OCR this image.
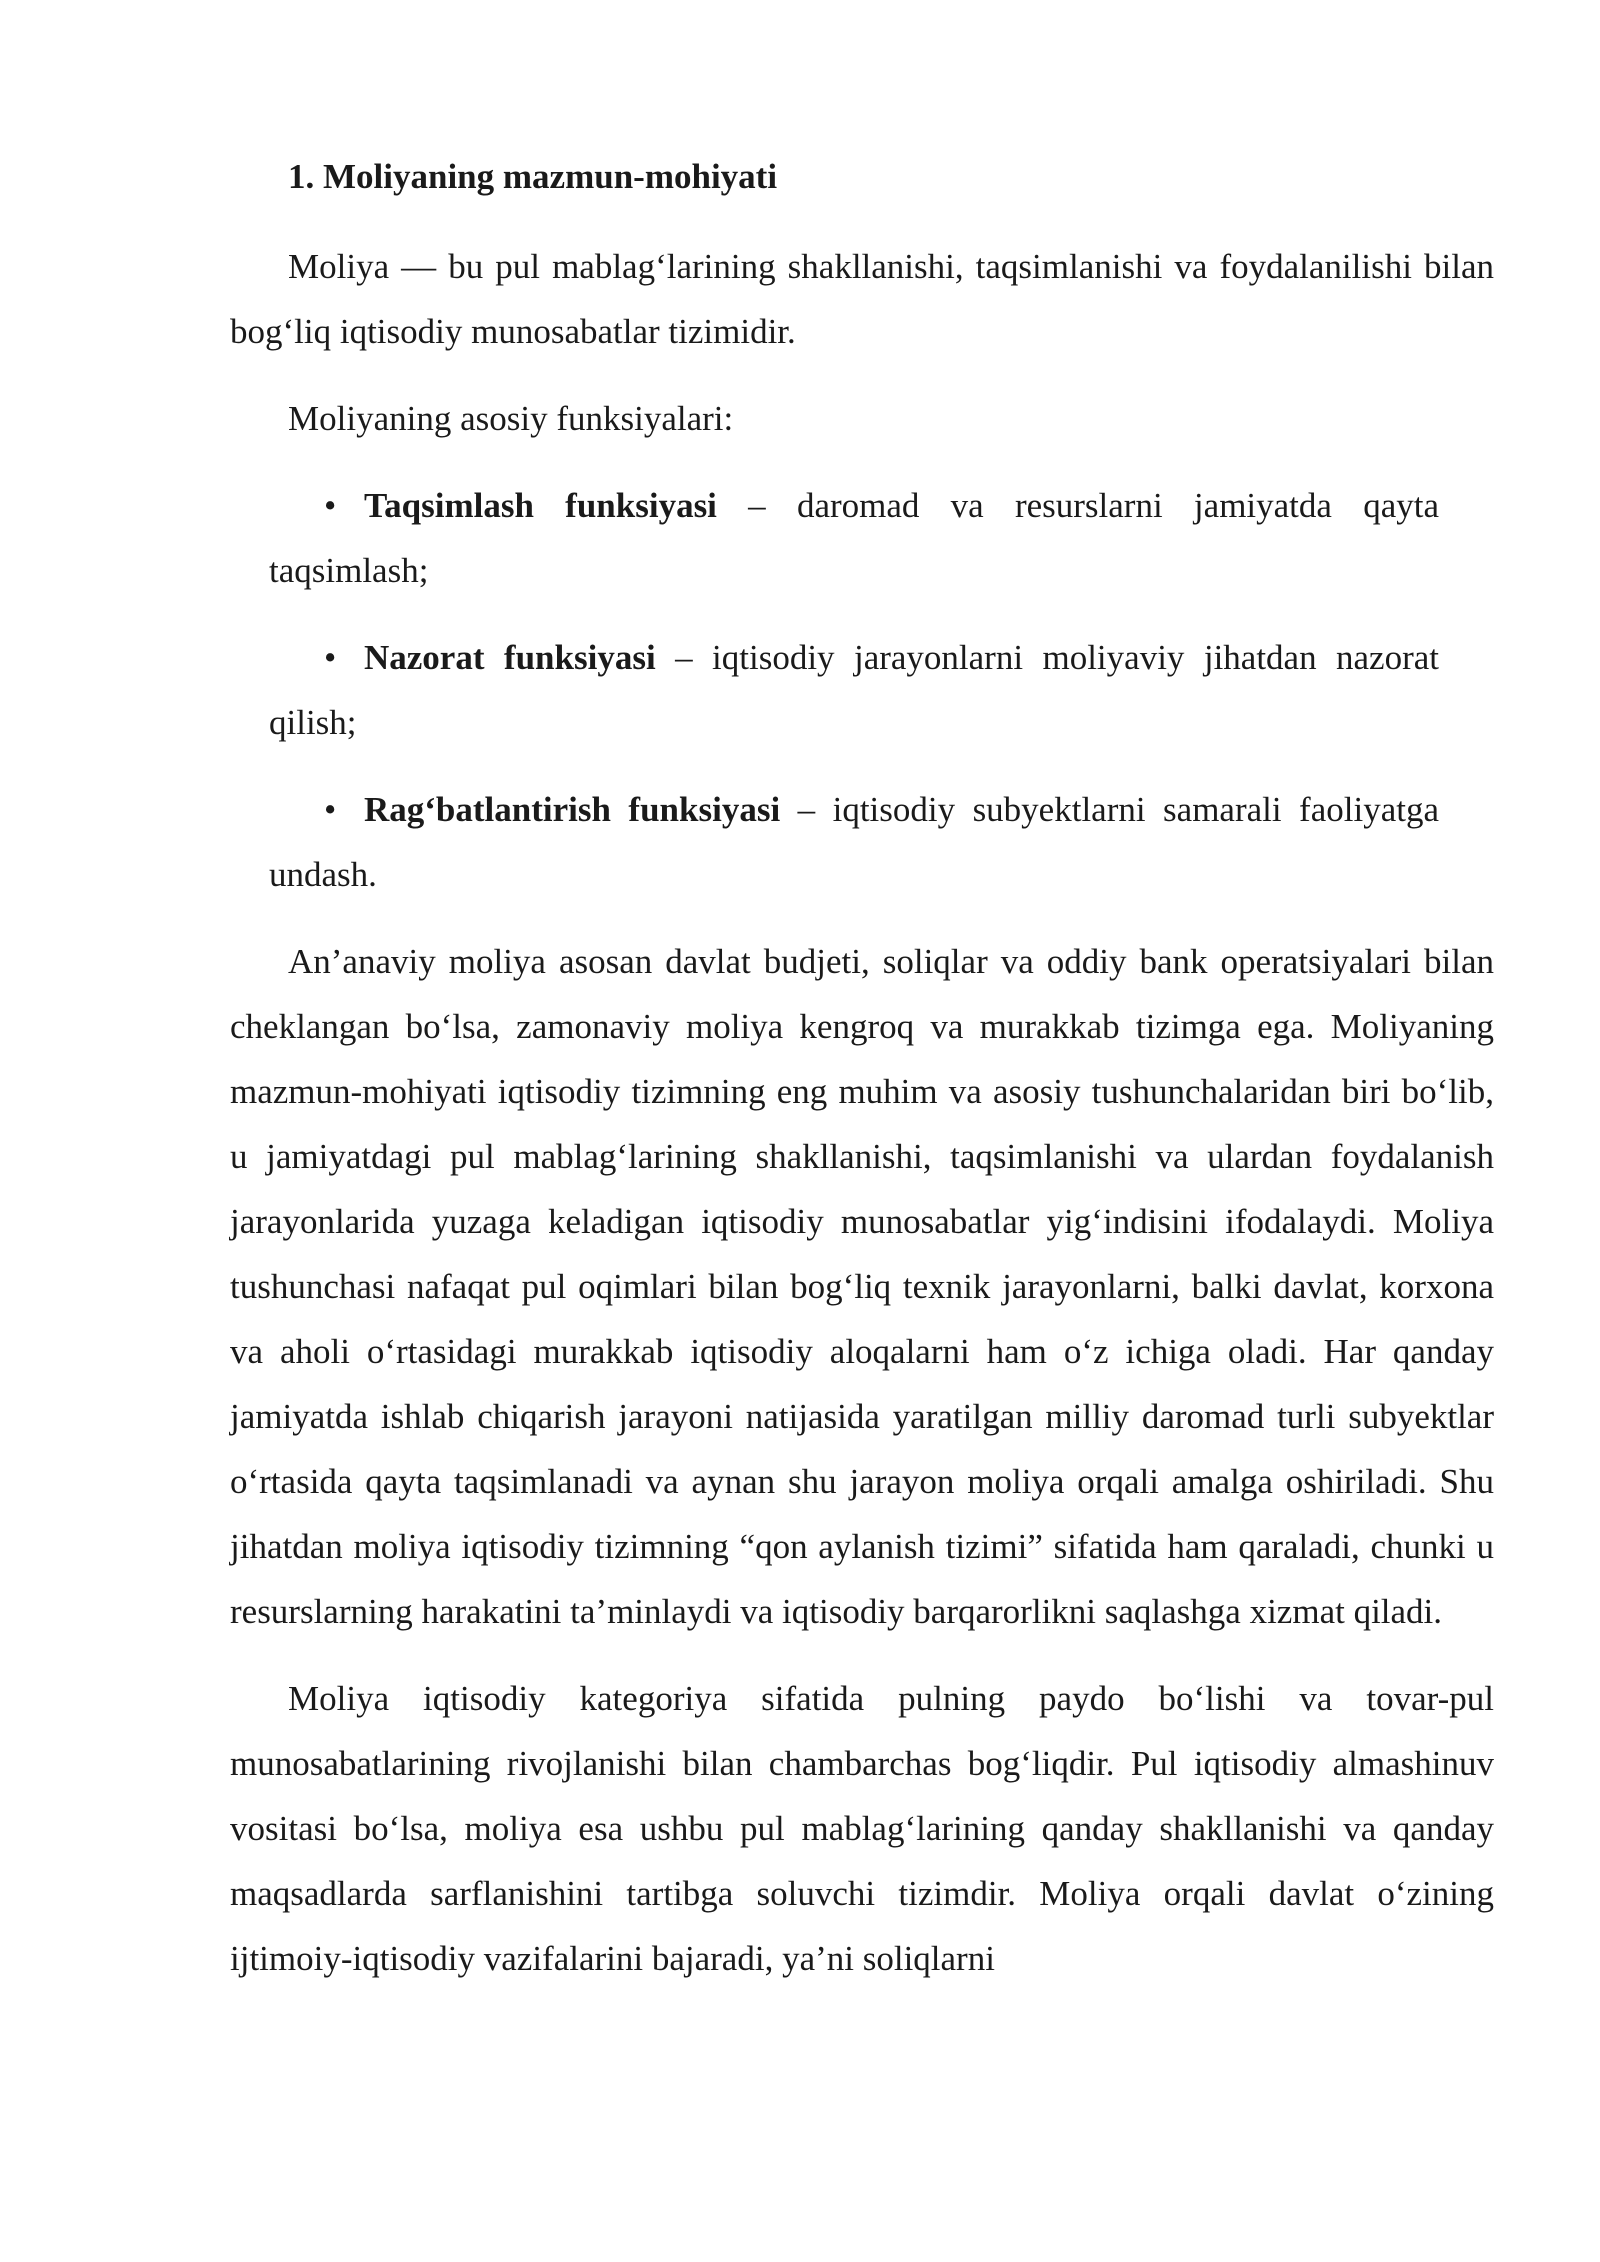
1. Moliyaning mazmun-mohiyati

Moliya — bu pul mablag‘larining shakllanishi, taqsimlanishi va foydalanilishi bilan bog‘liq iqtisodiy munosabatlar tizimidir.

Moliyaning asosiy funksiyalari:

• Taqsimlash funksiyasi – daromad va resurslarni jamiyatda qayta taqsimlash;
• Nazorat funksiyasi – iqtisodiy jarayonlarni moliyaviy jihatdan nazorat qilish;
• Rag‘batlantirish funksiyasi – iqtisodiy subyektlarni samarali faoliyatga undash.

An’anaviy moliya asosan davlat budjeti, soliqlar va oddiy bank operatsiyalari bilan cheklangan bo‘lsa, zamonaviy moliya kengroq va murakkab tizimga ega. Moliyaning mazmun-mohiyati iqtisodiy tizimning eng muhim va asosiy tushunchalaridan biri bo‘lib, u jamiyatdagi pul mablag‘larining shakllanishi, taqsimlanishi va ulardan foydalanish jarayonlarida yuzaga keladigan iqtisodiy munosabatlar yig‘indisini ifodalaydi. Moliya tushunchasi nafaqat pul oqimlari bilan bog‘liq texnik jarayonlarni, balki davlat, korxona va aholi o‘rtasidagi murakkab iqtisodiy aloqalarni ham o‘z ichiga oladi. Har qanday jamiyatda ishlab chiqarish jarayoni natijasida yaratilgan milliy daromad turli subyektlar o‘rtasida qayta taqsimlanadi va aynan shu jarayon moliya orqali amalga oshiriladi. Shu jihatdan moliya iqtisodiy tizimning “qon aylanish tizimi” sifatida ham qaraladi, chunki u resurslarning harakatini ta’minlaydi va iqtisodiy barqarorlikni saqlashga xizmat qiladi.

Moliya iqtisodiy kategoriya sifatida pulning paydo bo‘lishi va tovar-pul munosabatlarining rivojlanishi bilan chambarchas bog‘liqdir. Pul iqtisodiy almashinuv vositasi bo‘lsa, moliya esa ushbu pul mablag‘larining qanday shakllanishi va qanday maqsadlarda sarflanishini tartibga soluvchi tizimdir. Moliya orqali davlat o‘zining ijtimoiy-iqtisodiy vazifalarini bajaradi, ya’ni soliqlarni
